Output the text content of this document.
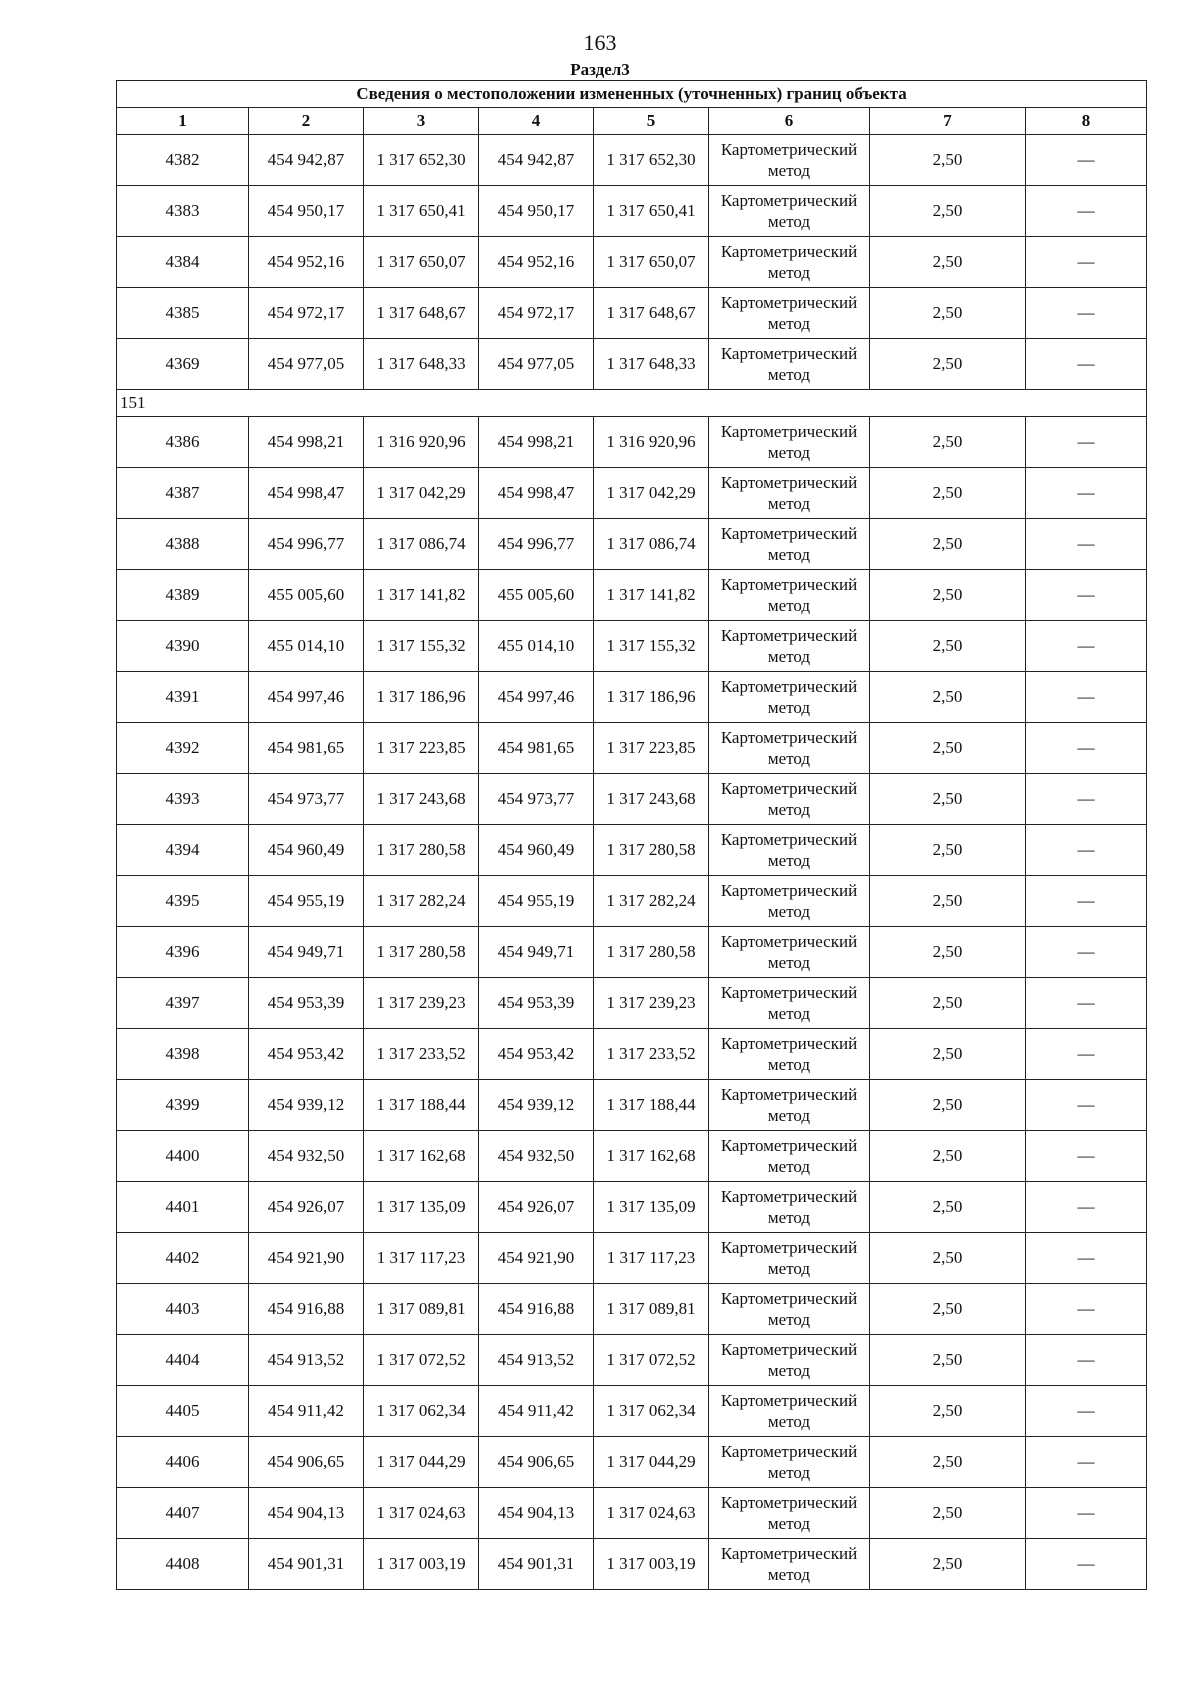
163
Раздел3
Сведения о местоположении измененных (уточненных) границ объекта							
1	2	3	4	5	6	7	8
4382	454 942,87	1 317 652,30	454 942,87	1 317 652,30	Картометрический метод	2,50	—
4383	454 950,17	1 317 650,41	454 950,17	1 317 650,41	Картометрический метод	2,50	—
4384	454 952,16	1 317 650,07	454 952,16	1 317 650,07	Картометрический метод	2,50	—
4385	454 972,17	1 317 648,67	454 972,17	1 317 648,67	Картометрический метод	2,50	—
4369	454 977,05	1 317 648,33	454 977,05	1 317 648,33	Картометрический метод	2,50	—
151							
4386	454 998,21	1 316 920,96	454 998,21	1 316 920,96	Картометрический метод	2,50	—
4387	454 998,47	1 317 042,29	454 998,47	1 317 042,29	Картометрический метод	2,50	—
4388	454 996,77	1 317 086,74	454 996,77	1 317 086,74	Картометрический метод	2,50	—
4389	455 005,60	1 317 141,82	455 005,60	1 317 141,82	Картометрический метод	2,50	—
4390	455 014,10	1 317 155,32	455 014,10	1 317 155,32	Картометрический метод	2,50	—
4391	454 997,46	1 317 186,96	454 997,46	1 317 186,96	Картометрический метод	2,50	—
4392	454 981,65	1 317 223,85	454 981,65	1 317 223,85	Картометрический метод	2,50	—
4393	454 973,77	1 317 243,68	454 973,77	1 317 243,68	Картометрический метод	2,50	—
4394	454 960,49	1 317 280,58	454 960,49	1 317 280,58	Картометрический метод	2,50	—
4395	454 955,19	1 317 282,24	454 955,19	1 317 282,24	Картометрический метод	2,50	—
4396	454 949,71	1 317 280,58	454 949,71	1 317 280,58	Картометрический метод	2,50	—
4397	454 953,39	1 317 239,23	454 953,39	1 317 239,23	Картометрический метод	2,50	—
4398	454 953,42	1 317 233,52	454 953,42	1 317 233,52	Картометрический метод	2,50	—
4399	454 939,12	1 317 188,44	454 939,12	1 317 188,44	Картометрический метод	2,50	—
4400	454 932,50	1 317 162,68	454 932,50	1 317 162,68	Картометрический метод	2,50	—
4401	454 926,07	1 317 135,09	454 926,07	1 317 135,09	Картометрический метод	2,50	—
4402	454 921,90	1 317 117,23	454 921,90	1 317 117,23	Картометрический метод	2,50	—
4403	454 916,88	1 317 089,81	454 916,88	1 317 089,81	Картометрический метод	2,50	—
4404	454 913,52	1 317 072,52	454 913,52	1 317 072,52	Картометрический метод	2,50	—
4405	454 911,42	1 317 062,34	454 911,42	1 317 062,34	Картометрический метод	2,50	—
4406	454 906,65	1 317 044,29	454 906,65	1 317 044,29	Картометрический метод	2,50	—
4407	454 904,13	1 317 024,63	454 904,13	1 317 024,63	Картометрический метод	2,50	—
4408	454 901,31	1 317 003,19	454 901,31	1 317 003,19	Картометрический метод	2,50	—
